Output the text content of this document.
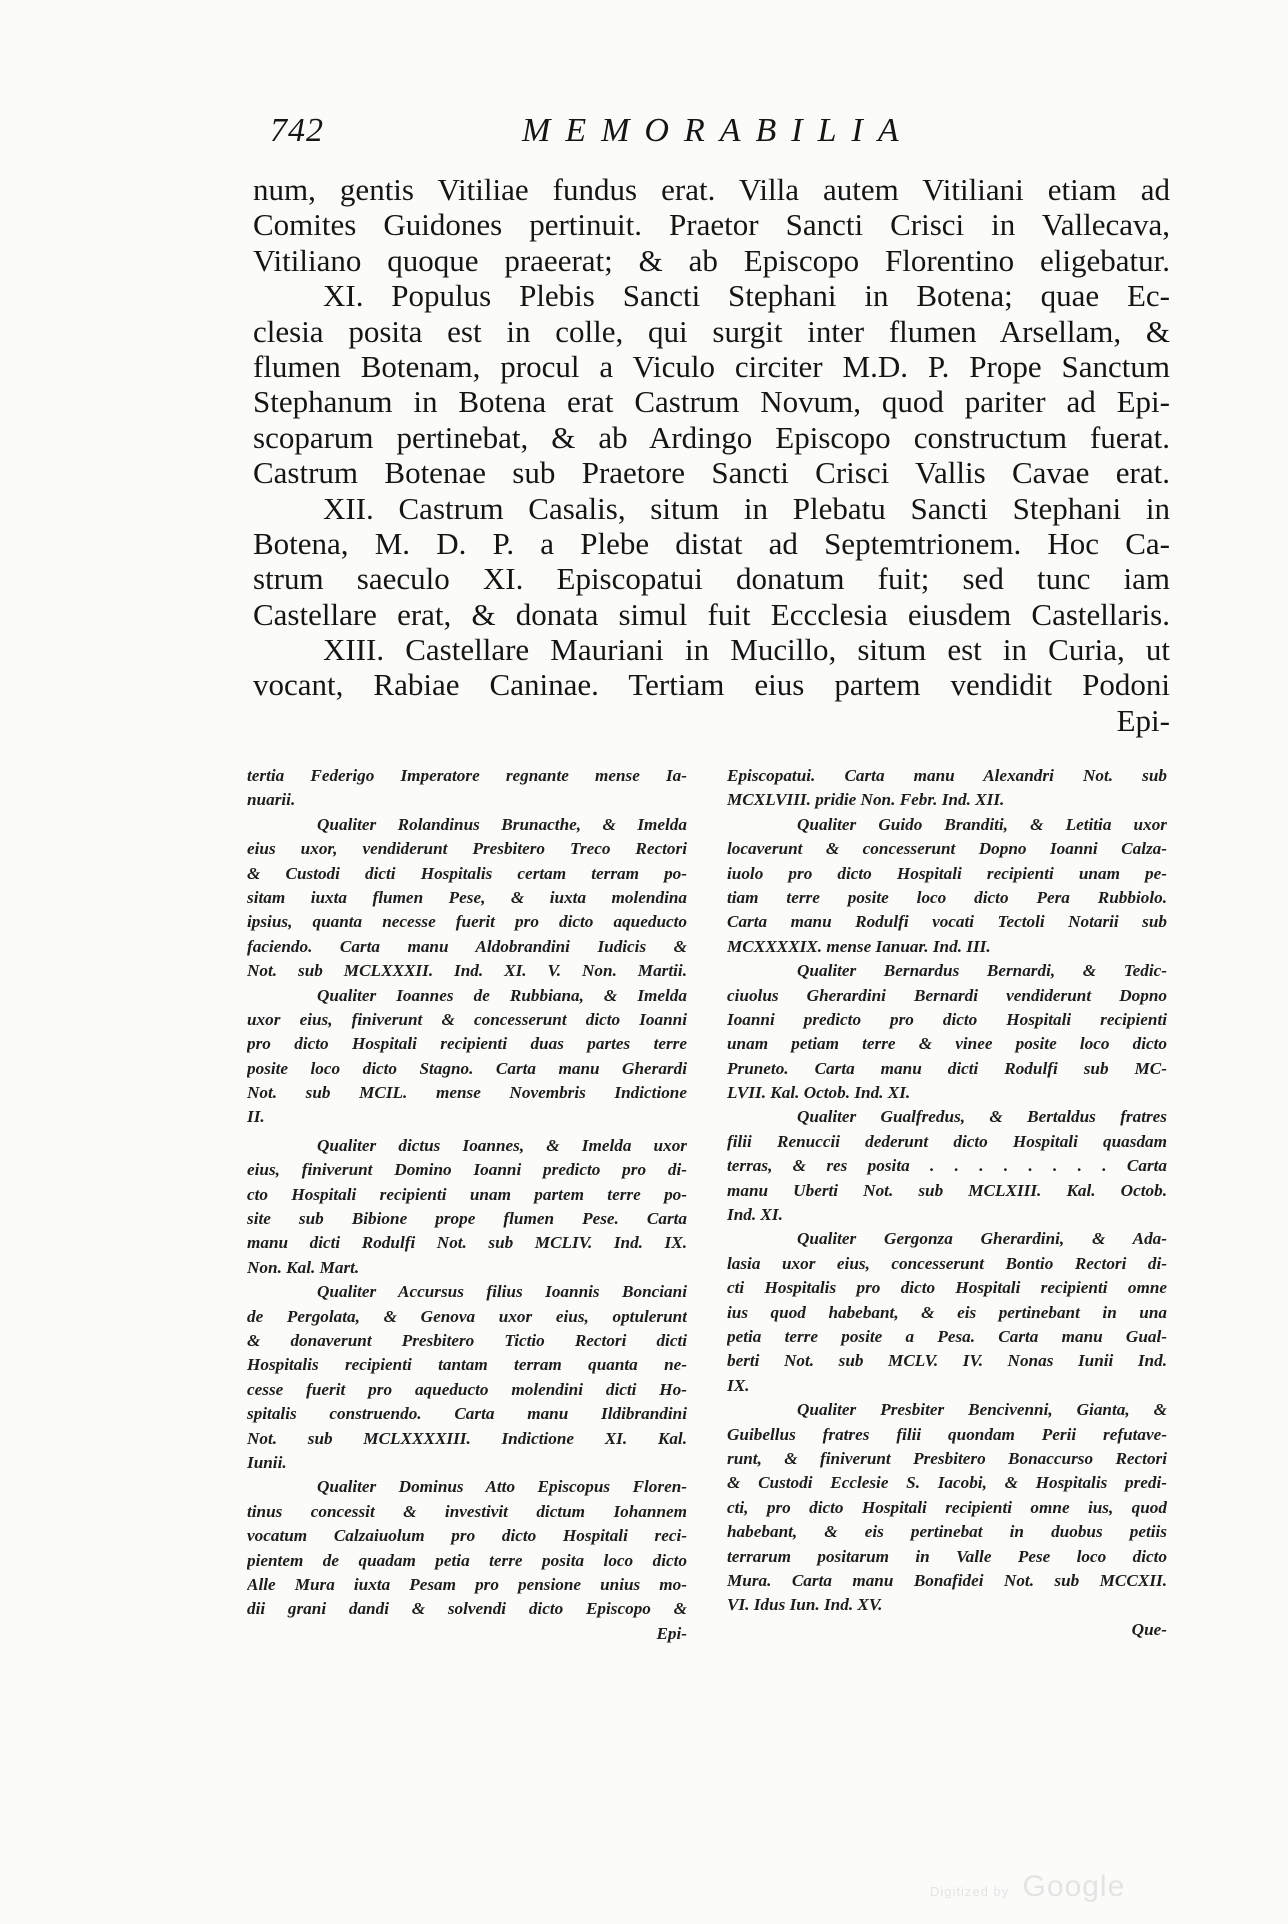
742	MEMORABILIA
num, gentis Vitiliae fundus erat. Villa autem Vitiliani etiam ad
Comites Guidones pertinuit. Praetor Sancti Crisci in Vallecava,
Vitiliano quoque praeerat; & ab Episcopo Florentino eligebatur.
XI. Populus Plebis Sancti Stephani in Botena; quae Ec-
clesia posita est in colle, qui surgit inter flumen Arsellam, &
flumen Botenam, procul a Viculo circiter M.D. P. Prope Sanctum
Stephanum in Botena erat Castrum Novum, quod pariter ad Epi-
scoparum pertinebat, & ab Ardingo Episcopo constructum fuerat.
Castrum Botenae sub Praetore Sancti Crisci Vallis Cavae erat.
XII. Castrum Casalis, situm in Plebatu Sancti Stephani in
Botena, M. D. P. a Plebe distat ad Septemtrionem. Hoc Ca-
strum saeculo XI. Episcopatui donatum fuit; sed tunc iam
Castellare erat, & donata simul fuit Eccclesia eiusdem Castellaris.
XIII. Castellare Mauriani in Mucillo, situm est in Curia, ut
vocant, Rabiae Caninae. Tertiam eius partem vendidit Podoni
Epi-
tertia Federigo Imperatore regnante mense Ia-
nuarii.
Qualiter Rolandinus Brunacthe, & Imelda
eius uxor, vendiderunt Presbitero Treco Rectori
& Custodi dicti Hospitalis certam terram po-
sitam iuxta flumen Pese, & iuxta molendina
ipsius, quanta necesse fuerit pro dicto aqueducto
faciendo. Carta manu Aldobrandini Iudicis &
Not. sub MCLXXXII. Ind. XI. V. Non. Martii.
Qualiter Ioannes de Rubbiana, & Imelda
uxor eius, finiverunt & concesserunt dicto Ioanni
pro dicto Hospitali recipienti duas partes terre
posite loco dicto Stagno. Carta manu Gherardi
Not. sub MCIL. mense Novembris Indictione
II.
Qualiter dictus Ioannes, & Imelda uxor
eius, finiverunt Domino Ioanni predicto pro di-
cto Hospitali recipienti unam partem terre po-
site sub Bibione prope flumen Pese. Carta
manu dicti Rodulfi Not. sub MCLIV. Ind. IX.
Non. Kal. Mart.
Qualiter Accursus filius Ioannis Bonciani
de Pergolata, & Genova uxor eius, optulerunt
& donaverunt Presbitero Tictio Rectori dicti
Hospitalis recipienti tantam terram quanta ne-
cesse fuerit pro aqueducto molendini dicti Ho-
spitalis construendo. Carta manu Ildibrandini
Not. sub MCLXXXXIII. Indictione XI. Kal.
Iunii.
Qualiter Dominus Atto Episcopus Floren-
tinus concessit & investivit dictum Iohannem
vocatum Calzaiuolum pro dicto Hospitali reci-
pientem de quadam petia terre posita loco dicto
Alle Mura iuxta Pesam pro pensione unius mo-
dii grani dandi & solvendi dicto Episcopo &
Epi-
Episcopatui. Carta manu Alexandri Not. sub
MCXLVIII. pridie Non. Febr. Ind. XII.
Qualiter Guido Branditi, & Letitia uxor
locaverunt & concesserunt Dopno Ioanni Calza-
iuolo pro dicto Hospitali recipienti unam pe-
tiam terre posite loco dicto Pera Rubbiolo.
Carta manu Rodulfi vocati Tectoli Notarii sub
MCXXXXIX. mense Ianuar. Ind. III.
Qualiter Bernardus Bernardi, & Tedic-
ciuolus Gherardini Bernardi vendiderunt Dopno
Ioanni predicto pro dicto Hospitali recipienti
unam petiam terre & vinee posite loco dicto
Pruneto. Carta manu dicti Rodulfi sub MC-
LVII. Kal. Octob. Ind. XI.
Qualiter Gualfredus, & Bertaldus fratres
filii Renuccii dederunt dicto Hospitali quasdam
terras, & res posita . . . . . . . . Carta
manu Uberti Not. sub MCLXIII. Kal. Octob.
Ind. XI.
Qualiter Gergonza Gherardini, & Ada-
lasia uxor eius, concesserunt Bontio Rectori di-
cti Hospitalis pro dicto Hospitali recipienti omne
ius quod habebant, & eis pertinebant in una
petia terre posite a Pesa. Carta manu Gual-
berti Not. sub MCLV. IV. Nonas Iunii Ind.
IX.
Qualiter Presbiter Bencivenni, Gianta, &
Guibellus fratres filii quondam Perii refutave-
runt, & finiverunt Presbitero Bonaccurso Rectori
& Custodi Ecclesie S. Iacobi, & Hospitalis predi-
cti, pro dicto Hospitali recipienti omne ius, quod
habebant, & eis pertinebat in duobus petiis
terrarum positarum in Valle Pese loco dicto
Mura. Carta manu Bonafidei Not. sub MCCXII.
VI. Idus Iun. Ind. XV.
Que-
Digitized by Google
